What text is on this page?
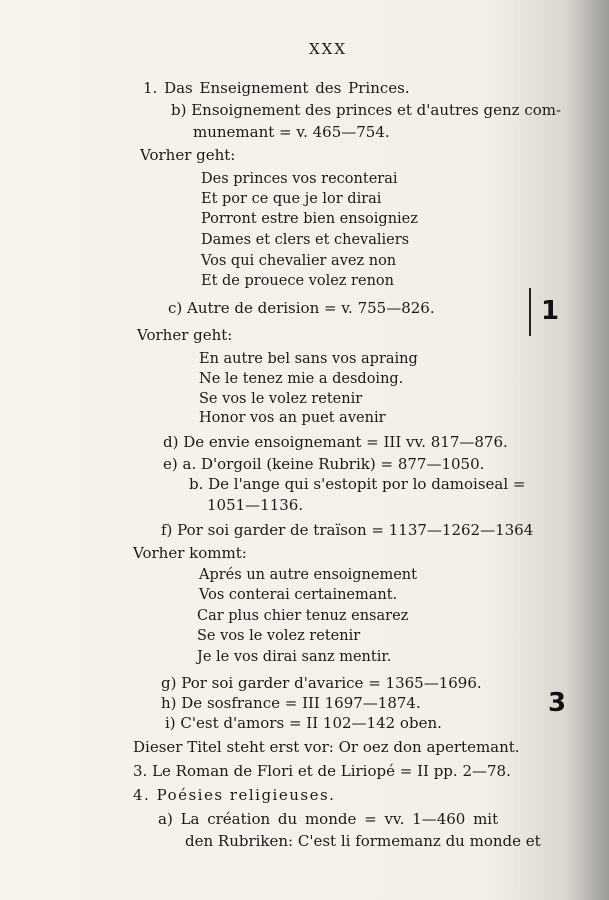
XXX
1. Das Enseignement des Princes.
b) Ensoignement des princes et d'autres genz com-
munemant = v. 465—754.
Vorher geht:
Des princes vos reconterai
Et por ce que je lor dirai
Porront estre bien ensoigniez
Dames et clers et chevaliers
Vos qui chevalier avez non
Et de prouece volez renon
c) Autre de derision = v. 755—826.
Vorher geht:
En autre bel sans vos apraing
Ne le tenez mie a desdoing.
Se vos le volez retenir
Honor vos an puet avenir
d) De envie ensoignemant = III vv. 817—876.
e) a. D'orgoil (keine Rubrik) = 877—1050.
b. De l'ange qui s'estopit por lo damoiseal =
1051—1136.
f) Por soi garder de traïson = 1137—1262—1364
Vorher kommt:
Aprés un autre ensoignement
Vos conterai certainemant.
Car plus chier tenuz ensarez
Se vos le volez retenir
Je le vos dirai sanz mentir.
g) Por soi garder d'avarice = 1365—1696.
h) De sosfrance = III 1697—1874.
i) C'est d'amors = II 102—142 oben.
Dieser Titel steht erst vor: Or oez don apertemant.
3. Le Roman de Flori et de Liriopé = II pp. 2—78.
4. Poésies religieuses.
a) La création du monde = vv. 1—460 mit
den Rubriken: C'est li formemanz du monde et
1
3
